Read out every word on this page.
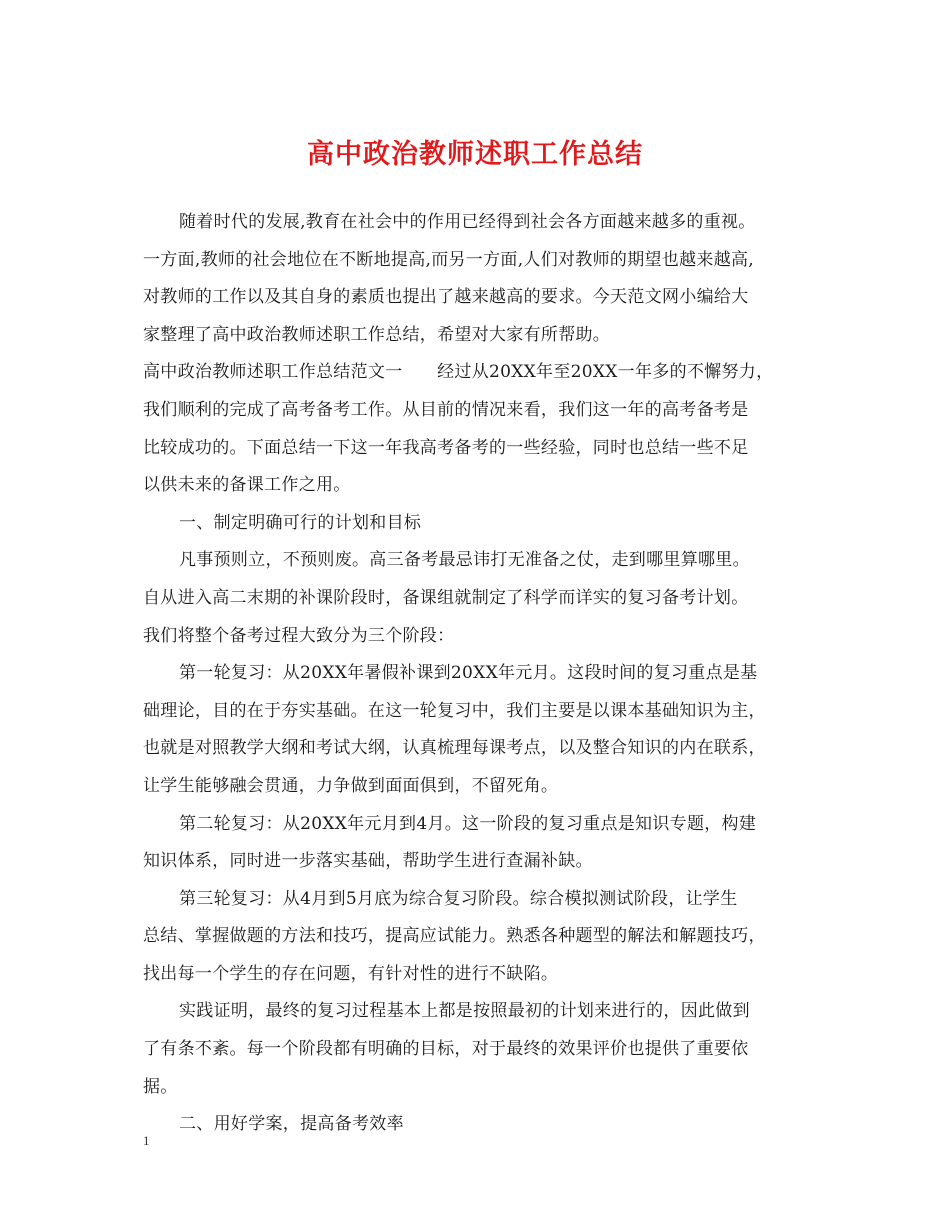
高中政治教师述职工作总结

随着时代的发展,教育在社会中的作用已经得到社会各方面越来越多的重视。
一方面,教师的社会地位在不断地提高,而另一方面,人们对教师的期望也越来越高,
对教师的工作以及其自身的素质也提出了越来越高的要求。今天范文网小编给大
家整理了高中政治教师述职工作总结，希望对大家有所帮助。

高中政治教师述职工作总结范文一　　经过从20XX年至20XX一年多的不懈努力，
我们顺利的完成了高考备考工作。从目前的情况来看，我们这一年的高考备考是
比较成功的。下面总结一下这一年我高考备考的一些经验，同时也总结一些不足
以供未来的备课工作之用。

一、制定明确可行的计划和目标

凡事预则立，不预则废。高三备考最忌讳打无准备之仗，走到哪里算哪里。
自从进入高二末期的补课阶段时，备课组就制定了科学而详实的复习备考计划。
我们将整个备考过程大致分为三个阶段：

第一轮复习：从20XX年暑假补课到20XX年元月。这段时间的复习重点是基
础理论，目的在于夯实基础。在这一轮复习中，我们主要是以课本基础知识为主，
也就是对照教学大纲和考试大纲，认真梳理每课考点，以及整合知识的内在联系，
让学生能够融会贯通，力争做到面面俱到，不留死角。

第二轮复习：从20XX年元月到4月。这一阶段的复习重点是知识专题，构建
知识体系，同时进一步落实基础，帮助学生进行查漏补缺。

第三轮复习：从4月到5月底为综合复习阶段。综合模拟测试阶段，让学生
总结、掌握做题的方法和技巧，提高应试能力。熟悉各种题型的解法和解题技巧，
找出每一个学生的存在问题，有针对性的进行不缺陷。

实践证明，最终的复习过程基本上都是按照最初的计划来进行的，因此做到
了有条不紊。每一个阶段都有明确的目标，对于最终的效果评价也提供了重要依
据。

二、用好学案，提高备考效率

1
